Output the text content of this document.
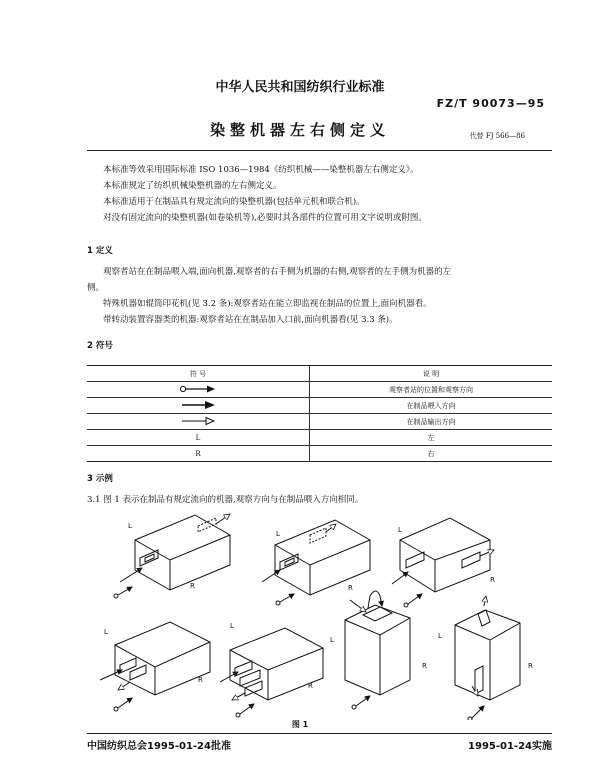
中华人民共和国纺织行业标准
FZ/T 90073—95
染整机器左右侧定义	代替 FJ 566—86
本标准等效采用国际标准 ISO 1036—1984《纺织机械——染整机器左右侧定义》。
本标准规定了纺织机械染整机器的左右侧定义。
本标准适用于在制品具有规定流向的染整机器(包括单元机和联合机)。
对没有固定流向的染整机器(如卷染机等),必要时其各部件的位置可用文字说明或附图。
1 定义
观察者站在在制品喂入端,面向机器,观察者的右手侧为机器的右侧,观察者的左手侧为机器的左
侧。
特殊机器如辊筒印花机(见 3.2 条):观察者站在能立即监视在制品的位置上,面向机器看。
带转动装置容器类的机器:观察者站在在制品加入口前,面向机器看(见 3.3 条)。
2 符号
符 号	说 明
	观察者站的位置和观察方向
	在制品喂入方向
	在制品输出方向
L	左
R	右
3 示例
3.1 图 1 表示在制品有规定流向的机器,观察方向与在制品喂入方向相同。
L
R
L
R
L
R
L
R
L
R
L
R
L
R
图 1
中国纺织总会1995-01-24批准	1995-01-24实施
